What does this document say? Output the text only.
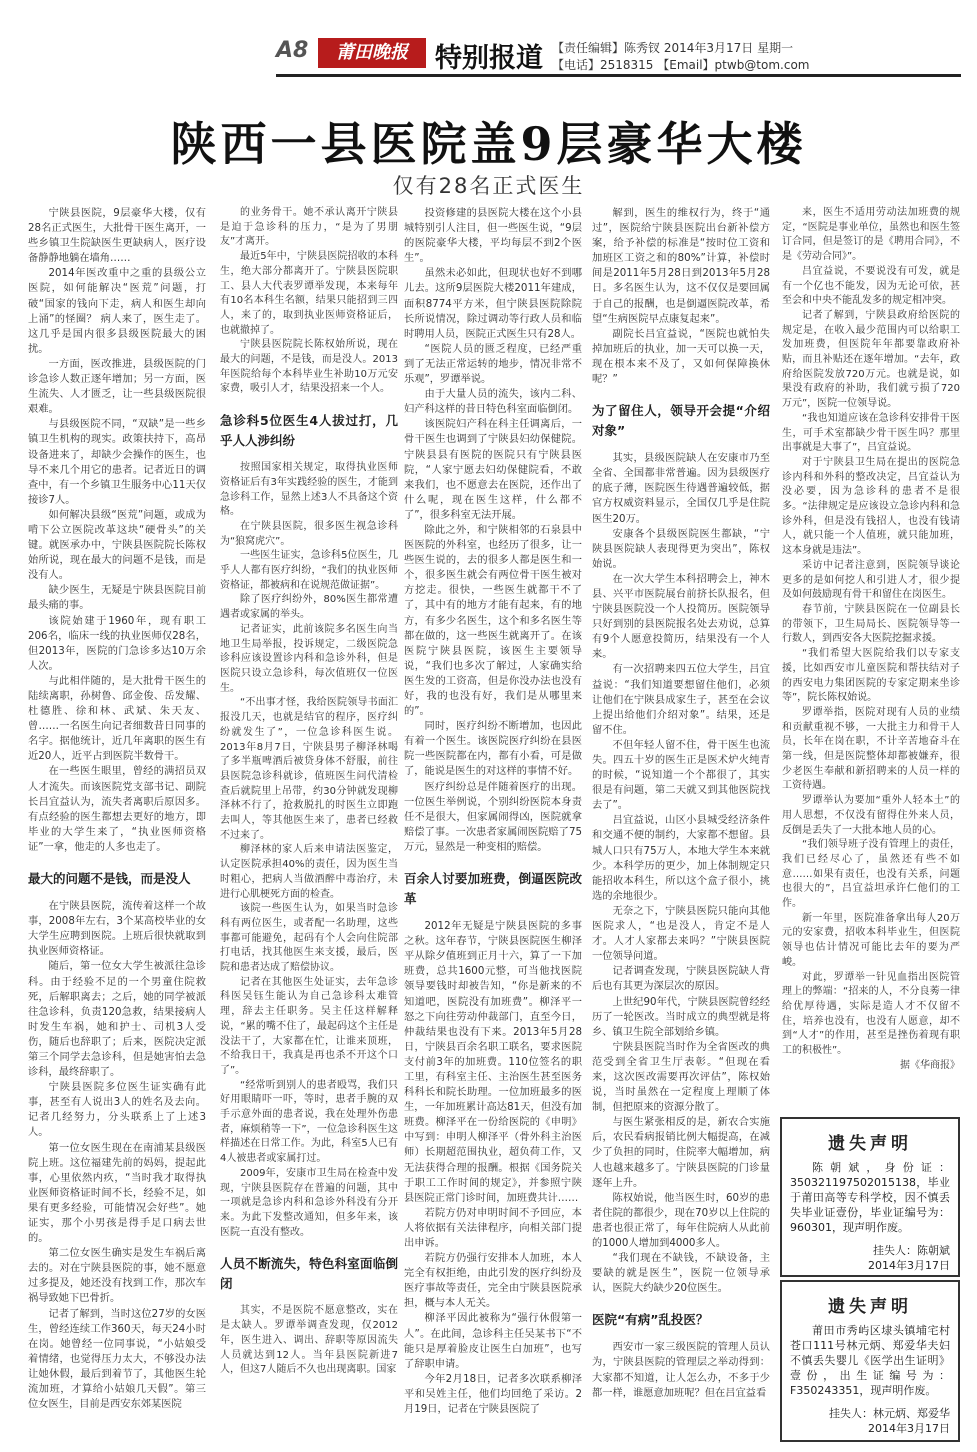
A8	莆田晚报	特别报道 【责任编辑】陈秀钗 2014年3月17日 星期一
【电话】2518315 【Email】ptwb@tom.com
陕西一县医院盖9层豪华大楼
仅有28名正式医生

宁陕县医院，9层豪华大楼，仅有28名正式医生，大批骨干医生离开，一些乡镇卫生院缺医生更缺病人，医疗设备静静地躺在墙角……

2014年医改重中之重的县级公立医院，如何能解决“医荒”问题，打破“国家的钱向下走，病人和医生却向上涌”的怪圈？ 病人来了，医生走了。这几乎是国内很多县级医院最大的困扰。

一方面，医改推进，县级医院的门诊急诊人数正逐年增加；另一方面，医生流失、人才匮乏，让一些县级医院很艰难。

与县级医院不同，“双缺”是一些乡镇卫生机构的现实。政策扶持下，高昂设备进来了，却缺少会操作的医生，也导不来几个用它的患者。记者近日的调查中，有一个乡镇卫生服务中心11天仅接诊7人。

如何解决县级“医荒”问题，或成为啃下公立医院改革这块“硬骨头”的关键。就医承办中，宁陕县医院院长陈权始所说，现在最大的问题不是钱，而是没有人。

缺少医生，无疑是宁陕县医院目前最头痛的事。

该院始建于1960年，现有职工206名，临床一线的执业医师仅28名，但2013年，医院的门急诊多达10万余人次。

与此相伴随的，是大批骨干医生的陆续离职，孙树鲁、邱金俊、岳发耀、杜德胜、徐和林、武斌、朱天友、曾……一名医生向记者细数昔日同事的名字。据他统计，近几年离职的医生有近20人，近平占到医院半数骨干。

在一些医生眼里，曾经的满招员双人才流失。而该医院党支部书记、副院长吕宜益认为，流失者离职后原因多。有点经验的医生都想去更好的地方，即毕业的大学生来了，“执业医师资格证”一拿，他走的人多也走了。

最大的问题不是钱，而是没人

在宁陕县医院，流传着这样一个故事，2008年左右，3个某高校毕业的女大学生应聘到医院。上班后很快就取到执业医师资格证。

随后，第一位女大学生被派往急诊科。由于经验不足的一个男童住院救死，后解职离去；之后，她的同学被派往急诊科，负责120急救，结果接病人时发生车祸，她和护士、司机3人受伤，随后也辞职了；后来，医院决定派第三个同学去急诊科，但是她害怕去急诊科，最终辞职了。

宁陕县医院多位医生证实确有此事，甚至有人说出3人的姓名及去向。记者几经努力，分头联系上了上述3人。

第一位女医生现在在南浦某县级医院上班。这位福建先前的妈妈，提起此事，心里依然内疚，“当时我才取得执业医师资格证时间不长，经验不足，如果有更多经验，可能情况会好些”。她证实，那个小男孩是得手足口病去世的。

第二位女医生确实是发生车祸后离去的。对在宁陕县医院的事，她不愿意过多提及，她还没有找到工作，那次车祸导致她下巴骨折。

记者了解到，当时这位27岁的女医生，曾经连续工作360天，每天24小时在岗。她曾经一位同事说，“小姑娘受着情绪，也觉得压力太大，不够没办法让她休假，最后到着节了，其他医生轮流加班，才算给小姑娘几天假”。第三位女医生，目前是西安东郊某医院

的业务骨干。她不承认离开宁陕县是迫于急诊科的压力，“是为了男朋友”才离开。

最近5年中，宁陕县医院招收的本科生，绝大部分都离开了。宁陕县医院职工、县人大代表罗谭举发现，本来每年有10名本科生名额，结果只能招到三四人，来了的，取到执业医师资格证后，也就撤掉了。

宁陕县医院院长陈权始所说，现在最大的问题，不是钱，而是没人。2013年医院给每个本科毕业生补助10万元安家费，吸引人才，结果没招来一个人。

急诊科5位医生4人拔过打，几乎人人涉纠纷

按照国家相关规定，取得执业医师资格证后有3年实践经验的医生，才能到急诊科工作，显然上述3人不具备这个资格。

在宁陕县医院，很多医生视急诊科为“狼窝虎穴”。

一些医生证实，急诊科5位医生，几乎人人都有医疗纠纷，“我们的执业医师资格证，都被病和在说规范做证据”。

除了医疗纠纷外，80%医生都常遭遇者或家属的举头。

记者证实，此前该院多名医生向当地卫生局举报，投诉规定，二级医院急诊科应该设置诊内科和急诊外科，但是医院只设立急诊科，每次值班仅一位医生。

“不出事才怪，我给医院领导书面汇报没几天，也就是结官的程序，医疗纠纷就发生了”，一位急诊科医生说。2013年8月7日，宁陕县男子柳泽林喝了多半瓶啤酒后被贷身体不舒服，前往县医院急诊科就诊，值班医生问代清检查后就院里上吊带，约30分钟就发现柳泽林不行了，抢救脱扎的时医生立即跑去叫人，等其他医生来了，患者已经救不过来了。

柳泽林的家人后来申请法医鉴定，认定医院承担40%的责任，因为医生当时粗心，把病人当做酒醉中毒治疗，未进行心肌梗死方面的检查。

该院一些医生认为，如果当时急诊科有两位医生，或者配一名助理，这些事都可能避免，起码有个人会向住院部打电话，找其他医生来支援，最后，医院和患者达成了赔偿协议。

记者在其他医生处证实，去年急诊科医吴钰生能认为自己急诊科太难管理，辞去主任职务。吴主任这样解释说，“累的嘴不住了，最起码这个主任是没法干了，大家都在忙，让谁来顶班，不给我日干，我真是再也杀不开这个口了”。

“经常听到别人的患者殴骂，我们只好用眼睛吓一吓，等时，患者手腕的双手示意外面的患者说，我在处理外伤患者，麻烦稍等一下”，一位急诊科医生这样描述在日常工作。为此，科室5人已有4人被患者或家属打过。

2009年，安康市卫生局在检查中发现，宁陕县医院存在普遍的问题，其中一项就是急诊内科和急诊外科没有分开来。为此下发整改通知，但多年来，该医院一直没有整改。

人员不断流失，特色科室面临倒闭

其实，不是医院不愿意整改，实在是太缺人。罗谭举调查发现，仅2012年，医生进入、调出、辞职等原因流失人员就达到12人。当年县医院新进7人，但这7人随后不久也出现离职。国家

投资修建的县医院大楼在这个小县城特别引人注目，但一些医生说，“9层的医院豪华大楼，平均每层不到2个医生”。

虽然未必如此，但现状也好不到哪儿去。这所9层医院大楼2011年建成，面积8774平方米，但宁陕县医院除院长所说情况，除过调动等行政人员和临时聘用人员，医院正式医生只有28人。

“医院人员的匮乏程度，已经严重到了无法正常运转的地步，情况非常不乐观”，罗谭举说。

由于大量人员的流失，该内二科、妇产科这样的昔日特色科室面临倒闭。

该医院妇产科在科主任调离后，一骨干医生也调到了宁陕县妇幼保健院。宁陕县县有医院的医院只有宁陕县医院，“人家宁愿去妇幼保健院看，不敢来我们，也不愿意去在医院，还作出了什么呢，现在医生这样，什么都不了”，很多科室无法开展。

除此之外，和宁陕相邻的石泉县中医医院的外科室，也经历了很多，让一些医生说的，去的很多人都是医生和一个，很多医生就会有两位骨干医生被对方挖走。很快，一些医生就都干不了了，其中有的地方才能有起来，有的地方，有多少名医生，这个和多名医生等都在做的，这一些医生就离开了。在该医院宁陕县医院，该医生主要领导说，“我们也多次了解过，人家确实给医生发的工资高，但是你没办法也没有好，我的也没有好，我们是从哪里来的”。

同时，医疗纠纷不断增加，也因此有着一个医生。该医院医疗纠纷在县医院一些医院都在内，都有小看，可是做了，能说是医生的对这样的事情不好。

医疗纠纷总是伴随着医疗的出现。一位医生举例说，个别纠纷医院本身责任不是很大，但家属闹得凶，医院就拿赔偿了事。一次患者家属闹医院赔了75万元，显然是一种变相的赔偿。

百余人讨要加班费，倒逼医院改革

2012年无疑是宁陕县医院的多事之秋。这年春节，宁陕县医院医生柳泽平从除夕值班到正月十六，算了一下加班费，总共1600元整，可当他找医院领导要钱时却被告知，“你是新来的不知道吧，医院没有加班费”。柳泽平一怒之下向往劳动仲裁部门，直至今日，仲裁结果也没有下来。2013年5月28日，宁陕县百余名职工联名，要求医院支付前3年的加班费。110位签名的职工里，有科室主任、主治医生甚至医务科科长和院长助理。一位加班最多的医生，一年加班累计高达81天，但没有加班费。柳泽平在一份给医院的《申明》中写到：申明人柳泽平（骨外科主治医师）长期超范围执业，超负荷工作，又无法获得合理的报酬。根据《国务院关于职工工作时间的规定》，并参照宁陕县医院正常门诊时间，加班费共计……

若院方仍对申明时间不予回应，本人将依据有关法律程序，向相关部门提出申诉。

若院方仍强行安排本人加班，本人完全有权拒绝，由此引发的医疗纠纷及医疗事故等责任，完全由宁陕县医院承担，概与本人无关。

柳泽平因此被称为“强行休假第一人”。在此间，急诊科主任吴某书下“不能只是厚着脸皮让医生白加班”，也写了辞职申请。

今年2月18日，记者多次联系柳泽平和吴姓主任，他们均回绝了采访。2月19日，记者在宁陕县医院了

解到，医生的维权行为，终于“通过”，医院给宁陕县医院出台新补偿方案，给予补偿的标准是“按时位工资和加班区工资之和的80%”计算，补偿时间是2011年5月28日到2013年5月28日。多名医生认为，这不仅仅是要回属于自己的报酬，也是倒逼医院改革，希望“生病医院早点康复起来”。

副院长吕宜益说，“医院也就怕失掉加班后的执业，加一天可以换一天，现在根本来不及了，又如何保障换休呢？”

为了留住人，领导开会提“介绍对象”

其实，县级医院缺人在安康市乃至全省、全国都非常普遍。因为县级医疗的底子薄，医院医生待遇普遍较低，据官方权威资料显示，全国仅几乎是住院医生20万。

安康各个县级医院医生都缺，“宁陕县医院缺人表现得更为突出”，陈权始说。

在一次大学生本科招聘会上，神木县、兴平市医院展台前挤长队报名，但宁陕县医院没一个人投简历。医院领导只好到别的县医院报名处去劝说，总算有9个人愿意投简历，结果没有一个人来。

有一次招聘来四五位大学生，吕宜益说：“我们知道要想留住他们，必须让他们在宁陕县成家生子，甚至在会议上提出给他们介绍对象”。结果，还是留不住。

不但年轻人留不住，骨干医生也流失。四五十岁的医生正是医术炉火纯青的时候，“说知道一个个都很了，其实很是有问题，第二天就又到其他医院找去了”。

吕宜益说，山区小县城受经济条件和交通不便的制约，大家都不想留。县城人口只有75万人，本地大学生本来就少。本科学历的更少，加上体制规定只能招收本科生，所以这个盒子很小，挑选的余地很少。

无奈之下，宁陕县医院只能向其他医院求人，“也是没人，肯定不是人才。人才人家都去来吗？”宁陕县医院一位领导问道。

记者调查发现，宁陕县医院缺人背后也有其更为深层次的原因。

上世纪90年代，宁陕县医院曾经经历了一轮医改。当时成立的典型就是将乡、镇卫生院全部划给乡镇。

宁陕县医院当时作为全省医改的典范受到全省卫生厅表彰。“但现在看来，这次医改需要再次评估”，陈权始说，当时虽然在一定程度上理顺了体制，但把原来的资源分散了。

与医生紧张相反的是，新农合实施后，农民看病报销比例大幅提高，在减少了负担的同时，住院率大幅增加，病人也越来越多了。宁陕县医院的门诊量逐年上升。

陈权始说，他当医生时，60岁的患者住院的都很少，现在70岁以上住院的患者也很正常了，每年住院病人从此前的1000人增加到4000多人。

“我们现在不缺钱，不缺设备，主要缺的就是医生”，医院一位领导承认，医院大约缺少20位医生。

医院“有病”乱投医？

西安市一家三级医院的管理人员认为，宁陕县医院的管理层之举动得到：大家都不知道，让人怎么办，不多于少都一样，谁愿意加班呢？但在吕宜益看

来，医生不适用劳动法加班费的规定，“医院是事业单位，虽然也和医生签订合同，但是签订的是《聘用合同》，不是《劳动合同》”。

吕宜益说，不要说没有可发，就是有一个亿也不能发，因为无论可依，甚至会和中央不能乱发多的规定相冲突。

记者了解到，宁陕县政府给医院的规定是，在收入最少范围内可以给职工发加班费，但医院年年都要靠政府补贴，而且补贴还在逐年增加。“去年，政府给医院发放720万元。也就是说，如果没有政府的补助，我们就亏损了720万元”，医院一位领导说。

“我也知道应该在急诊科安排骨干医生，可手术室都缺少骨干医生吗？那里出事就是大事了”，吕宜益说。

对于宁陕县卫生局在提出的医院急诊内科和外科的整改决定，吕宜益认为没必要，因为急诊科的患者不是很多。“法律规定是应该设立急诊内科和急诊外科，但是没有钱招人，也没有钱请人，就只能一个人值班，就只能加班，这本身就是违法”。

采访中记者注意到，医院领导谈论更多的是如何挖人和引进人才，很少提及如何鼓励现有骨干和留住在岗医生。

春节前，宁陕县医院在一位副县长的带领下，卫生局局长、医院领导等一行数人，到西安各大医院挖掘求援。

“我们希望大医院给我们以专家支援，比如西安市儿童医院和帮扶结对子的西安电力集团医院的专家定期来坐诊等”，院长陈权始说。

罗谭举指，医院对现有人员的业绩和贡献重视不够，一大批主力和骨干人员，长年在岗在职，不计辛苦地奋斗在第一线，但是医院整体却都被嫌弃，很少老医生奉献和新招聘来的人员一样的工资待遇。

罗谭举认为要加“重外人轻本土”的用人思想，不仅没有留得住外来人员，反倒是丢失了一大批本地人员的心。

“我们领导班子没有管理上的责任，我们已经尽心了，虽然还有些不如意……如果有责任，也没有关系，问题也很大的”，吕宜益坦承许仁他们的工作。

新一年里，医院准备拿出每人20万元的安家费，招收本科毕业生，但医院领导也估计情况可能比去年的要为严峻。

对此，罗谭举一针见血指出医院管理上的弊端：“招来的人，不分良莠一律给优厚待遇，实际是造人才不仅留不住，培养也没有，也没有人愿意，却不到“人才”的作用，甚至是挫伤着现有职工的积极性”。

据《华商报》

遗失声明
陈朝斌，身份证：350321197502015138，毕业于莆田高等专科学校，因不慎丢失毕业证壹份，毕业证编号为：960301，现声明作废。
挂失人：陈朝斌
2014年3月17日
遗失声明
莆田市秀屿区埭头镇埔宅村苍口111号林元炳、郑爱华夫妇不慎丢失婴儿《医学出生证明》壹份，出生证编号为：F350243351，现声明作废。
挂失人：林元炳、郑爱华
2014年3月17日
